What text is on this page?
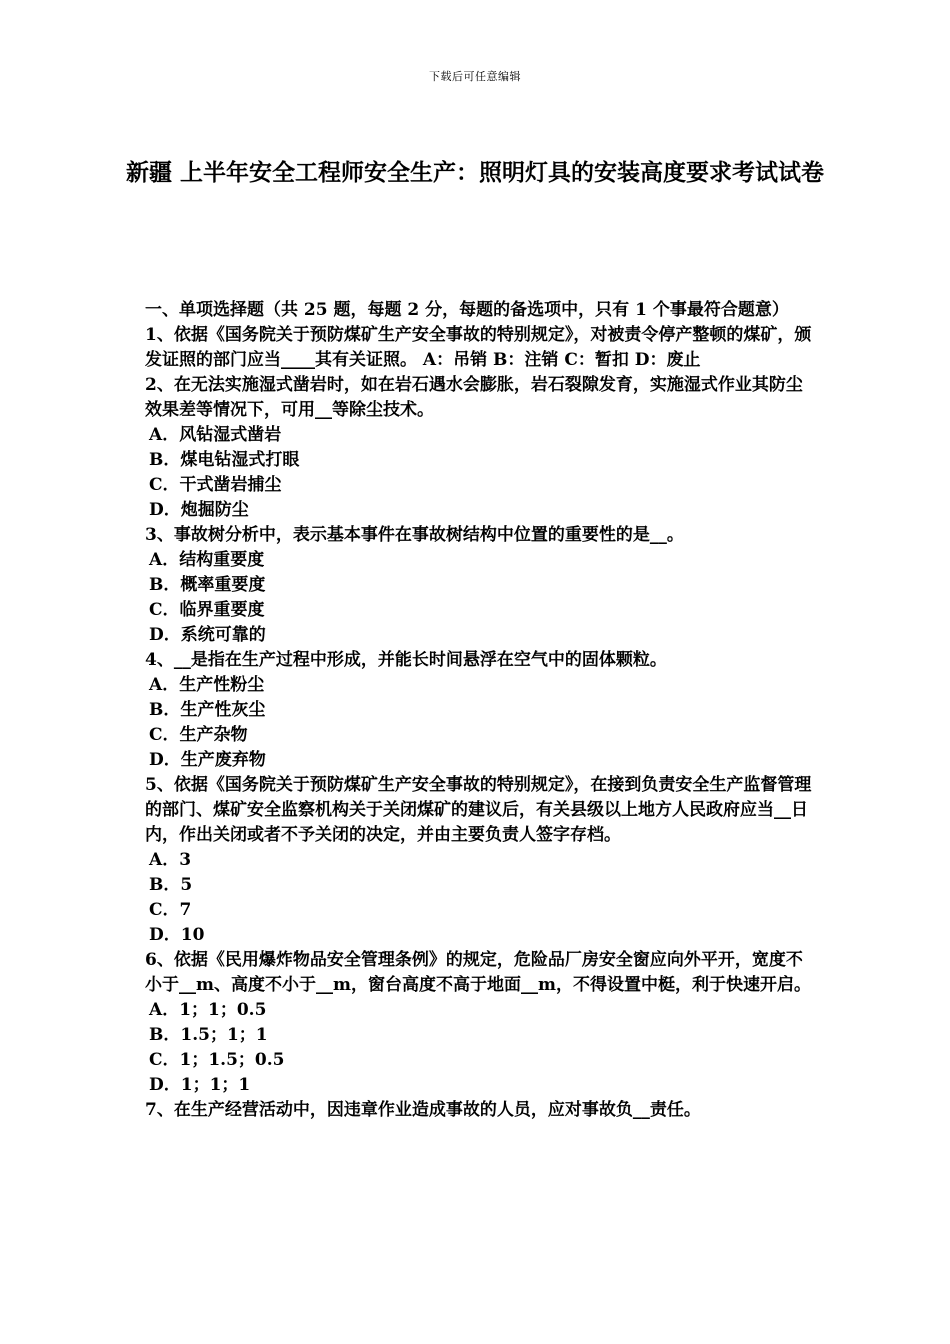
下载后可任意编辑
新疆 上半年安全工程师安全生产：照明灯具的安装高度要求考试试卷
一、单项选择题（共 25 题，每题 2 分，每题的备选项中，只有 1 个事最符合题意）
1、依据《国务院关于预防煤矿生产安全事故的特别规定》，对被责令停产整顿的煤矿，颁发证照的部门应当____其有关证照。 A：吊销 B：注销 C：暂扣 D：废止
2、在无法实施湿式凿岩时，如在岩石遇水会膨胀，岩石裂隙发育，实施湿式作业其防尘效果差等情况下，可用__等除尘技术。
A．风钻湿式凿岩
B．煤电钻湿式打眼
C．干式凿岩捕尘
D．炮掘防尘
3、事故树分析中，表示基本事件在事故树结构中位置的重要性的是__。
A．结构重要度
B．概率重要度
C．临界重要度
D．系统可靠的
4、__是指在生产过程中形成，并能长时间悬浮在空气中的固体颗粒。
A．生产性粉尘
B．生产性灰尘
C．生产杂物
D．生产废弃物
5、依据《国务院关于预防煤矿生产安全事故的特别规定》，在接到负责安全生产监督管理的部门、煤矿安全监察机构关于关闭煤矿的建议后，有关县级以上地方人民政府应当__日内，作出关闭或者不予关闭的决定，并由主要负责人签字存档。
A．3
B．5
C．7
D．10
6、依据《民用爆炸物品安全管理条例》的规定，危险品厂房安全窗应向外平开，宽度不小于__m、高度不小于__m，窗台高度不高于地面__m，不得设置中梃，利于快速开启。
A．1；1；0.5
B．1.5；1；1
C．1；1.5；0.5
D．1；1；1
7、在生产经营活动中，因违章作业造成事故的人员，应对事故负__责任。
